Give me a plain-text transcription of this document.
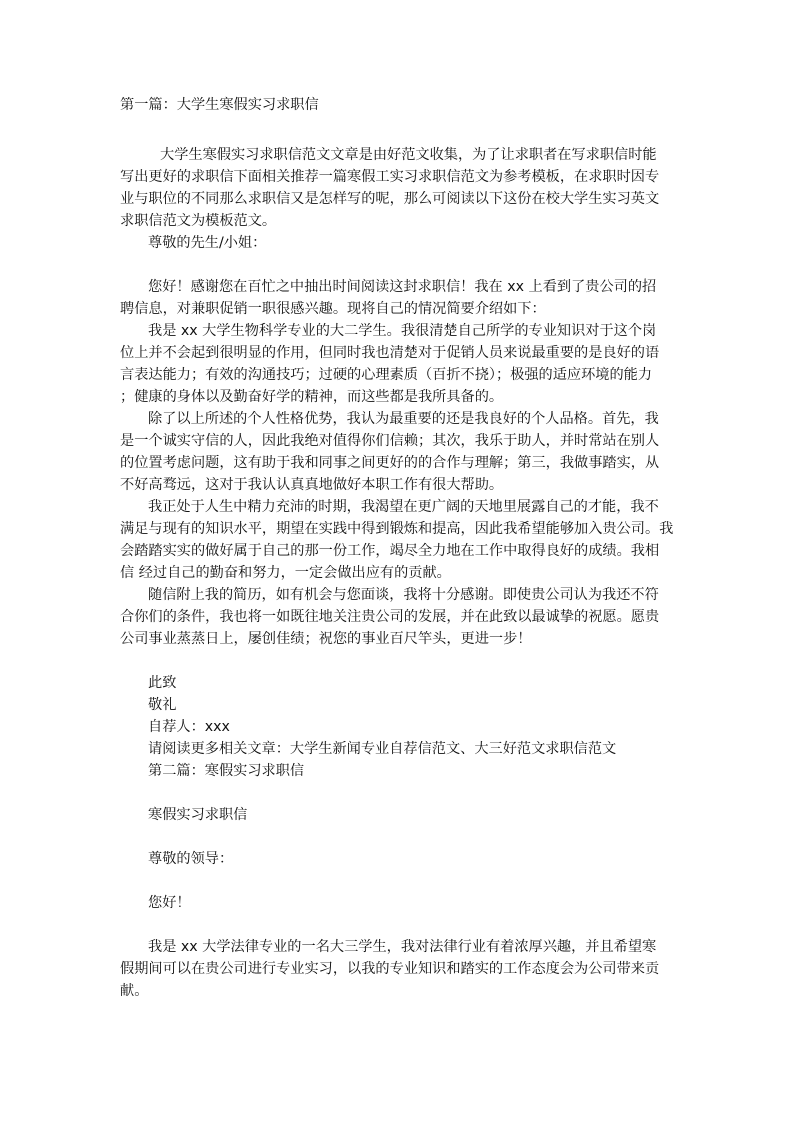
第一篇：大学生寒假实习求职信
大学生寒假实习求职信范文文章是由好范文收集，为了让求职者在写求职信时能
写出更好的求职信下面相关推荐一篇寒假工实习求职信范文为参考模板，在求职时因专
业与职位的不同那么求职信又是怎样写的呢，那么可阅读以下这份在校大学生实习英文
求职信范文为模板范文。
尊敬的先生/小姐：
您好！感谢您在百忙之中抽出时间阅读这封求职信！我在 xx 上看到了贵公司的招
聘信息，对兼职促销一职很感兴趣。现将自己的情况简要介绍如下：
我是 xx 大学生物科学专业的大二学生。我很清楚自己所学的专业知识对于这个岗
位上并不会起到很明显的作用，但同时我也清楚对于促销人员来说最重要的是良好的语
言表达能力；有效的沟通技巧；过硬的心理素质（百折不挠）；极强的适应环境的能力
；健康的身体以及勤奋好学的精神，而这些都是我所具备的。
除了以上所述的个人性格优势，我认为最重要的还是我良好的个人品格。首先，我
是一个诚实守信的人，因此我绝对值得你们信赖；其次，我乐于助人，并时常站在别人
的位置考虑问题，这有助于我和同事之间更好的的合作与理解；第三，我做事踏实，从
不好高骛远，这对于我认认真真地做好本职工作有很大帮助。
我正处于人生中精力充沛的时期，我渴望在更广阔的天地里展露自己的才能，我不
满足与现有的知识水平，期望在实践中得到锻炼和提高，因此我希望能够加入贵公司。我
会踏踏实实的做好属于自己的那一份工作，竭尽全力地在工作中取得良好的成绩。我相
信 经过自己的勤奋和努力，一定会做出应有的贡献。
随信附上我的简历，如有机会与您面谈，我将十分感谢。即使贵公司认为我还不符
合你们的条件，我也将一如既往地关注贵公司的发展，并在此致以最诚挚的祝愿。愿贵
公司事业蒸蒸日上，屡创佳绩；祝您的事业百尺竿头，更进一步！
此致
敬礼
自荐人：xxx
请阅读更多相关文章：大学生新闻专业自荐信范文、大三好范文求职信范文
第二篇：寒假实习求职信
寒假实习求职信
尊敬的领导：
您好！
我是 xx 大学法律专业的一名大三学生，我对法律行业有着浓厚兴趣，并且希望寒
假期间可以在贵公司进行专业实习，以我的专业知识和踏实的工作态度会为公司带来贡
献。
